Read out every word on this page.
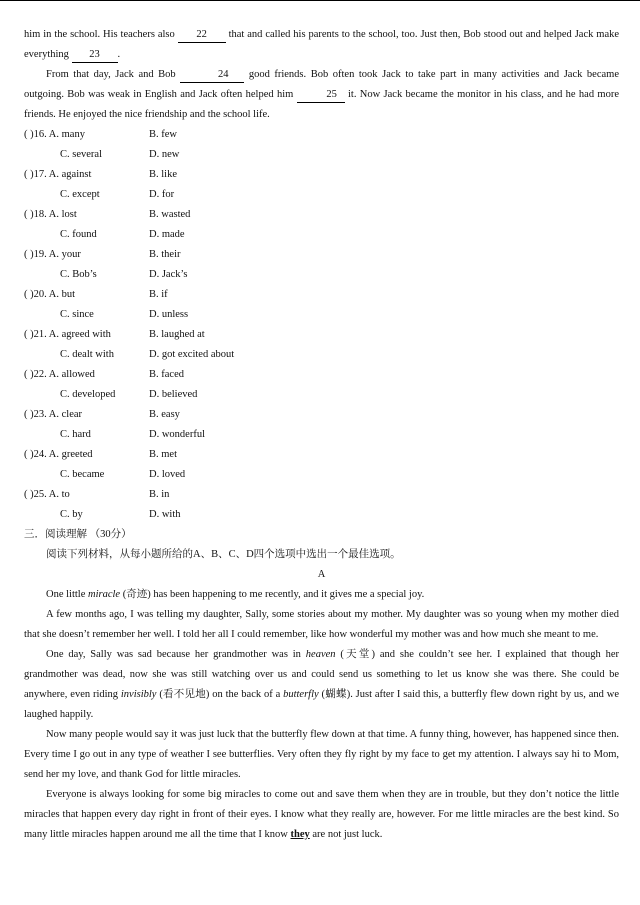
him in the school. His teachers also 22 that and called his parents to the school, too. Just then, Bob stood out and helped Jack make everything 23 .

From that day, Jack and Bob	24 good friends. Bob often took Jack to take part in many activities and Jack became outgoing. Bob was weak in English and Jack often helped him	25 it. Now Jack became the monitor in his class, and he had more friends. He enjoyed the nice friendship and the school life.

( )16. A. many	B. few
C. several	D. new
( )17. A. against	B. like
C. except	D. for
( )18. A. lost	B. wasted
C. found	D. made
( )19. A. your	B. their
C. Bob’s	D. Jack’s
( )20. A. but	B. if
C. since	D. unless
( )21. A. agreed with	B. laughed at
C. dealt with	D. got excited about
( )22. A. allowed	B. faced
C. developed	D. believed
( )23. A. clear	B. easy
C. hard	D. wonderful
( )24. A. greeted	B. met
C. became	D. loved
( )25. A. to	B. in
C. by	D. with

三．阅读理解 （30分）

阅读下列材料，从每小题所给的A、B、C、D四个选项中选出一个最佳选项。

A

One little miracle (奇迹) has been happening to me recently, and it gives me a special joy.

A few months ago, I was telling my daughter, Sally, some stories about my mother. My daughter was so young when my mother died that she doesn’t remember her well. I told her all I could remember, like how wonderful my mother was and how much she meant to me.

One day, Sally was sad because her grandmother was in heaven (天堂) and she couldn’t see her. I explained that though her grandmother was dead, now she was still watching over us and could send us something to let us know she was there. She could be anywhere, even riding invisibly (看不见地) on the back of a butterfly (蝴蝶). Just after I said this, a butterfly flew down right by us, and we laughed happily.

Now many people would say it was just luck that the butterfly flew down at that time. A funny thing, however, has happened since then. Every time I go out in any type of weather I see butterflies. Very often they fly right by my face to get my attention. I always say hi to Mom, send her my love, and thank God for little miracles.

Everyone is always looking for some big miracles to come out and save them when they are in trouble, but they don’t notice the little miracles that happen every day right in front of their eyes. I know what they really are, however. For me little miracles are the best kind. So many little miracles happen around me all the time that I know they are not just luck.
